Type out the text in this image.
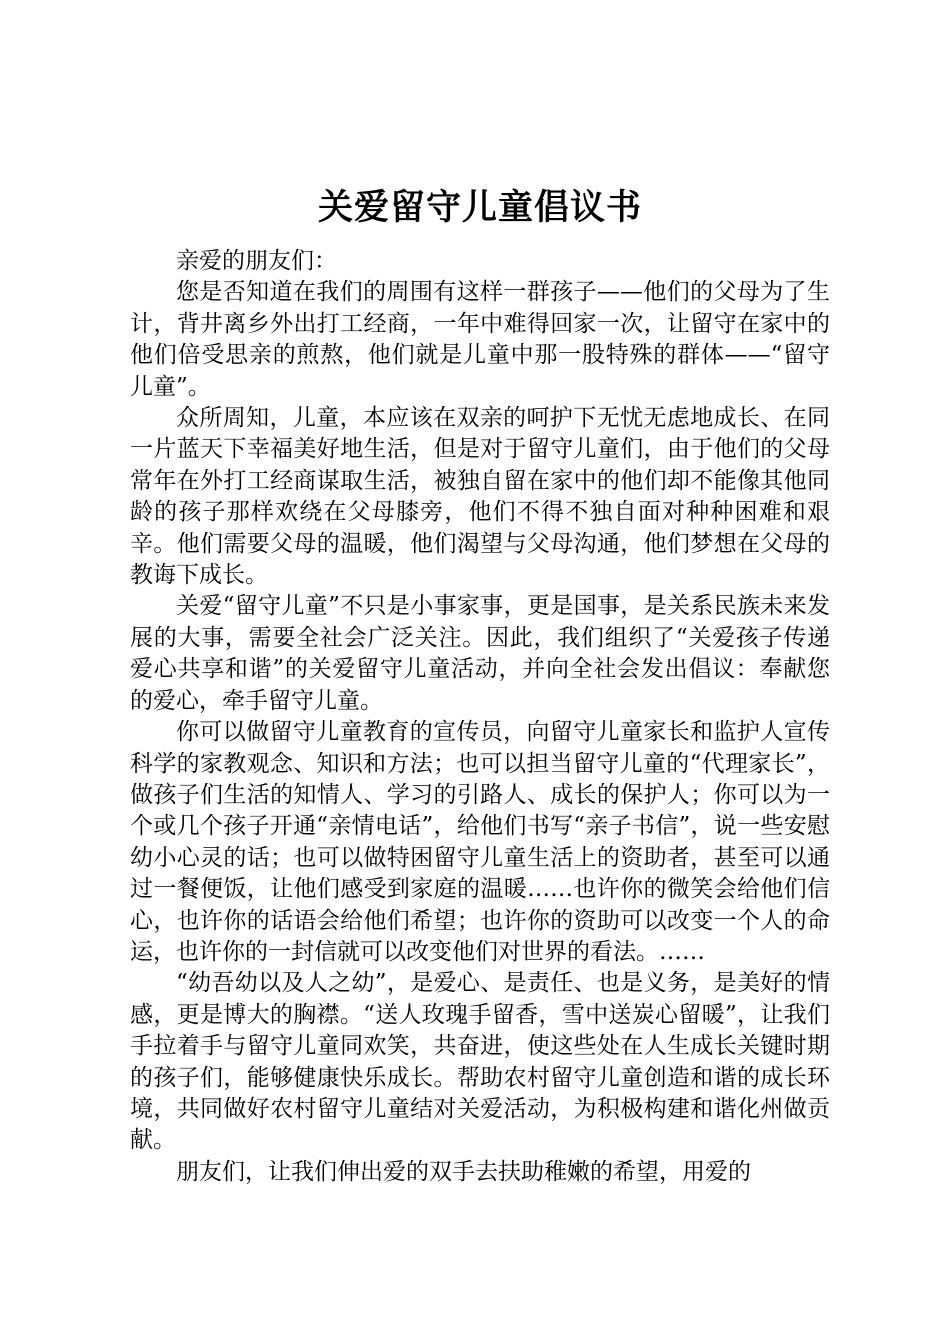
关爱留守儿童倡议书

亲爱的朋友们：

您是否知道在我们的周围有这样一群孩子——他们的父母为了生计，背井离乡外出打工经商，一年中难得回家一次，让留守在家中的他们倍受思亲的煎熬，他们就是儿童中那一股特殊的群体——“留守儿童”。

众所周知，儿童，本应该在双亲的呵护下无忧无虑地成长、在同一片蓝天下幸福美好地生活，但是对于留守儿童们，由于他们的父母常年在外打工经商谋取生活，被独自留在家中的他们却不能像其他同龄的孩子那样欢绕在父母膝旁，他们不得不独自面对种种困难和艰辛。他们需要父母的温暖，他们渴望与父母沟通，他们梦想在父母的教诲下成长。

关爱“留守儿童”不只是小事家事，更是国事，是关系民族未来发展的大事，需要全社会广泛关注。因此，我们组织了“关爱孩子传递爱心共享和谐”的关爱留守儿童活动，并向全社会发出倡议：奉献您的爱心，牵手留守儿童。

你可以做留守儿童教育的宣传员，向留守儿童家长和监护人宣传科学的家教观念、知识和方法；也可以担当留守儿童的“代理家长”，做孩子们生活的知情人、学习的引路人、成长的保护人；你可以为一个或几个孩子开通“亲情电话”，给他们书写“亲子书信”，说一些安慰幼小心灵的话；也可以做特困留守儿童生活上的资助者，甚至可以通过一餐便饭，让他们感受到家庭的温暖……也许你的微笑会给他们信心，也许你的话语会给他们希望；也许你的资助可以改变一个人的命运，也许你的一封信就可以改变他们对世界的看法。……

“幼吾幼以及人之幼”，是爱心、是责任、也是义务，是美好的情感，更是博大的胸襟。“送人玫瑰手留香，雪中送炭心留暖”，让我们手拉着手与留守儿童同欢笑，共奋进，使这些处在人生成长关键时期的孩子们，能够健康快乐成长。帮助农村留守儿童创造和谐的成长环境，共同做好农村留守儿童结对关爱活动，为积极构建和谐化州做贡献。

朋友们，让我们伸出爱的双手去扶助稚嫩的希望，用爱的
